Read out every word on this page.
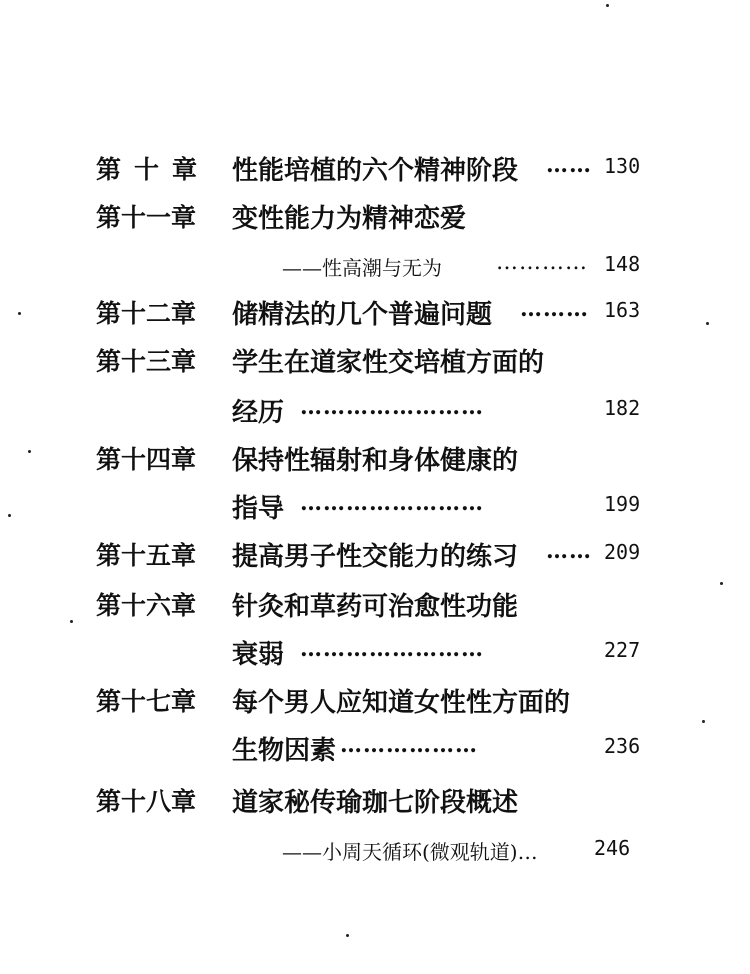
第十章 性能培植的六个精神阶段 …… 130
第十一章 变性能力为精神恋爱
——性高潮与无为 ………… 148
第十二章 储精法的几个普遍问题 ……… 163
第十三章 学生在道家性交培植方面的
经历 ……………………	182
第十四章 保持性辐射和身体健康的
指导 ……………………	199
第十五章 提高男子性交能力的练习 …… 209
第十六章 针灸和草药可治愈性功能
衰弱 ……………………	227
第十七章 每个男人应知道女性性方面的
生物因素 ………………	236
第十八章 道家秘传瑜珈七阶段概述
——小周天循环(微观轨道)…	246
